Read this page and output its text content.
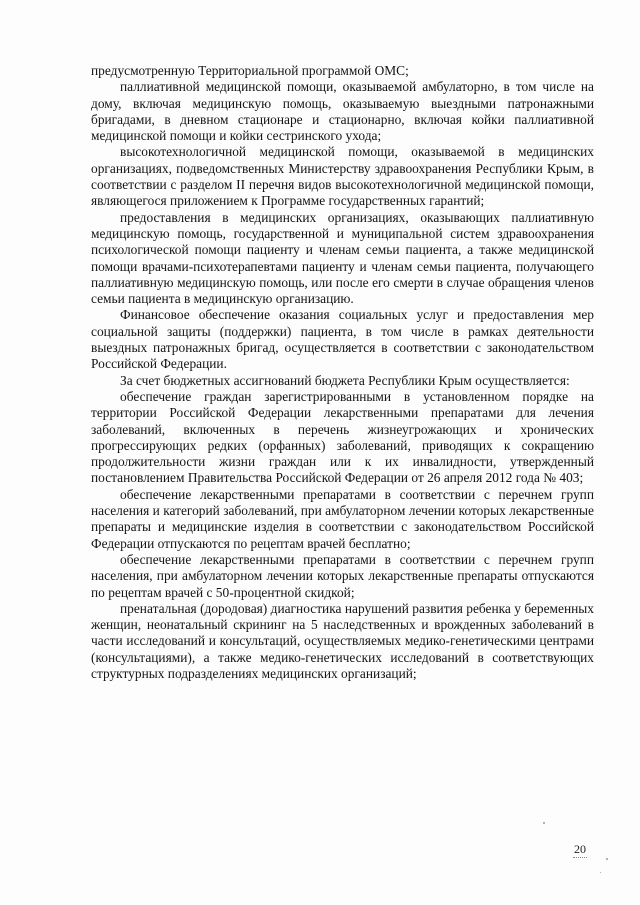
предусмотренную Территориальной программой ОМС;

паллиативной медицинской помощи, оказываемой амбулаторно, в том числе на дому, включая медицинскую помощь, оказываемую выездными патронажными бригадами, в дневном стационаре и стационарно, включая койки паллиативной медицинской помощи и койки сестринского ухода;

высокотехнологичной медицинской помощи, оказываемой в медицинских организациях, подведомственных Министерству здравоохранения Республики Крым, в соответствии с разделом II перечня видов высокотехнологичной медицинской помощи, являющегося приложением к Программе государственных гарантий;

предоставления в медицинских организациях, оказывающих паллиативную медицинскую помощь, государственной и муниципальной систем здравоохранения психологической помощи пациенту и членам семьи пациента, а также медицинской помощи врачами-психотерапевтами пациенту и членам семьи пациента, получающего паллиативную медицинскую помощь, или после его смерти в случае обращения членов семьи пациента в медицинскую организацию.

Финансовое обеспечение оказания социальных услуг и предоставления мер социальной защиты (поддержки) пациента, в том числе в рамках деятельности выездных патронажных бригад, осуществляется в соответствии с законодательством Российской Федерации.

За счет бюджетных ассигнований бюджета Республики Крым осуществляется:

обеспечение граждан зарегистрированными в установленном порядке на территории Российской Федерации лекарственными препаратами для лечения заболеваний, включенных в перечень жизнеугрожающих и хронических прогрессирующих редких (орфанных) заболеваний, приводящих к сокращению продолжительности жизни граждан или к их инвалидности, утвержденный постановлением Правительства Российской Федерации от 26 апреля 2012 года № 403;

обеспечение лекарственными препаратами в соответствии с перечнем групп населения и категорий заболеваний, при амбулаторном лечении которых лекарственные препараты и медицинские изделия в соответствии с законодательством Российской Федерации отпускаются по рецептам врачей бесплатно;

обеспечение лекарственными препаратами в соответствии с перечнем групп населения, при амбулаторном лечении которых лекарственные препараты отпускаются по рецептам врачей с 50-процентной скидкой;

пренатальная (дородовая) диагностика нарушений развития ребенка у беременных женщин, неонатальный скрининг на 5 наследственных и врожденных заболеваний в части исследований и консультаций, осуществляемых медико-генетическими центрами (консультациями), а также медико-генетических исследований в соответствующих структурных подразделениях медицинских организаций;

20
